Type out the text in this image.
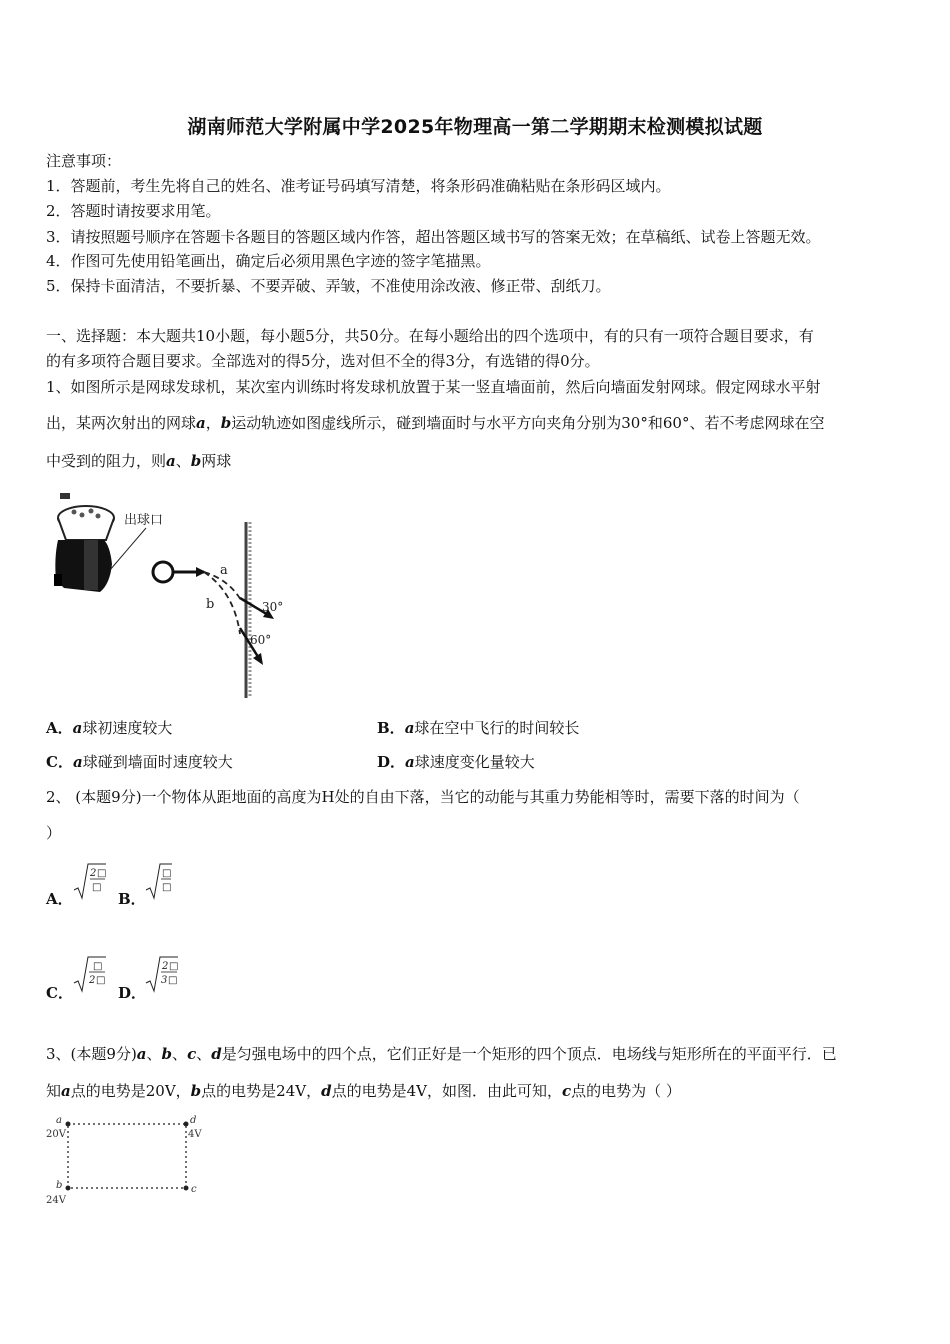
湖南师范大学附属中学2025年物理高一第二学期期末检测模拟试题
注意事项：
1．答题前，考生先将自己的姓名、准考证号码填写清楚，将条形码准确粘贴在条形码区域内。
2．答题时请按要求用笔。
3．请按照题号顺序在答题卡各题目的答题区域内作答，超出答题区域书写的答案无效；在草稿纸、试卷上答题无效。
4．作图可先使用铅笔画出，确定后必须用黑色字迹的签字笔描黑。
5．保持卡面清洁，不要折暴、不要弄破、弄皱，不准使用涂改液、修正带、刮纸刀。
一、选择题：本大题共10小题，每小题5分，共50分。在每小题给出的四个选项中，有的只有一项符合题目要求，有
的有多项符合题目要求。全部选对的得5分，选对但不全的得3分，有选错的得0分。
1、如图所示是网球发球机，某次室内训练时将发球机放置于某一竖直墙面前，然后向墙面发射网球。假定网球水平射
出，某两次射出的网球a，b运动轨迹如图虚线所示，碰到墙面时与水平方向夹角分别为30°和60°、若不考虑网球在空
中受到的阻力，则a、b两球
出球口
a
30°
b
60°
A．a球初速度较大	B．a球在空中飞行的时间较长
C．a球碰到墙面时速度较大	D．a球速度变化量较大
2、 (本题9分)一个物体从距地面的高度为H处的自由下落，当它的动能与其重力势能相等时，需要下落的时间为（
）
A．
2 □
□
B．
□
□
C．
□
2 □
D．
2 □
3 □
3、(本题9分)a、b、c、d是匀强电场中的四个点，它们正好是一个矩形的四个顶点．电场线与矩形所在的平面平行．已
知a点的电势是20V，b点的电势是24V，d点的电势是4V，如图．由此可知，c点的电势为（ ）
a
20V
d
4V
b
24V
c
